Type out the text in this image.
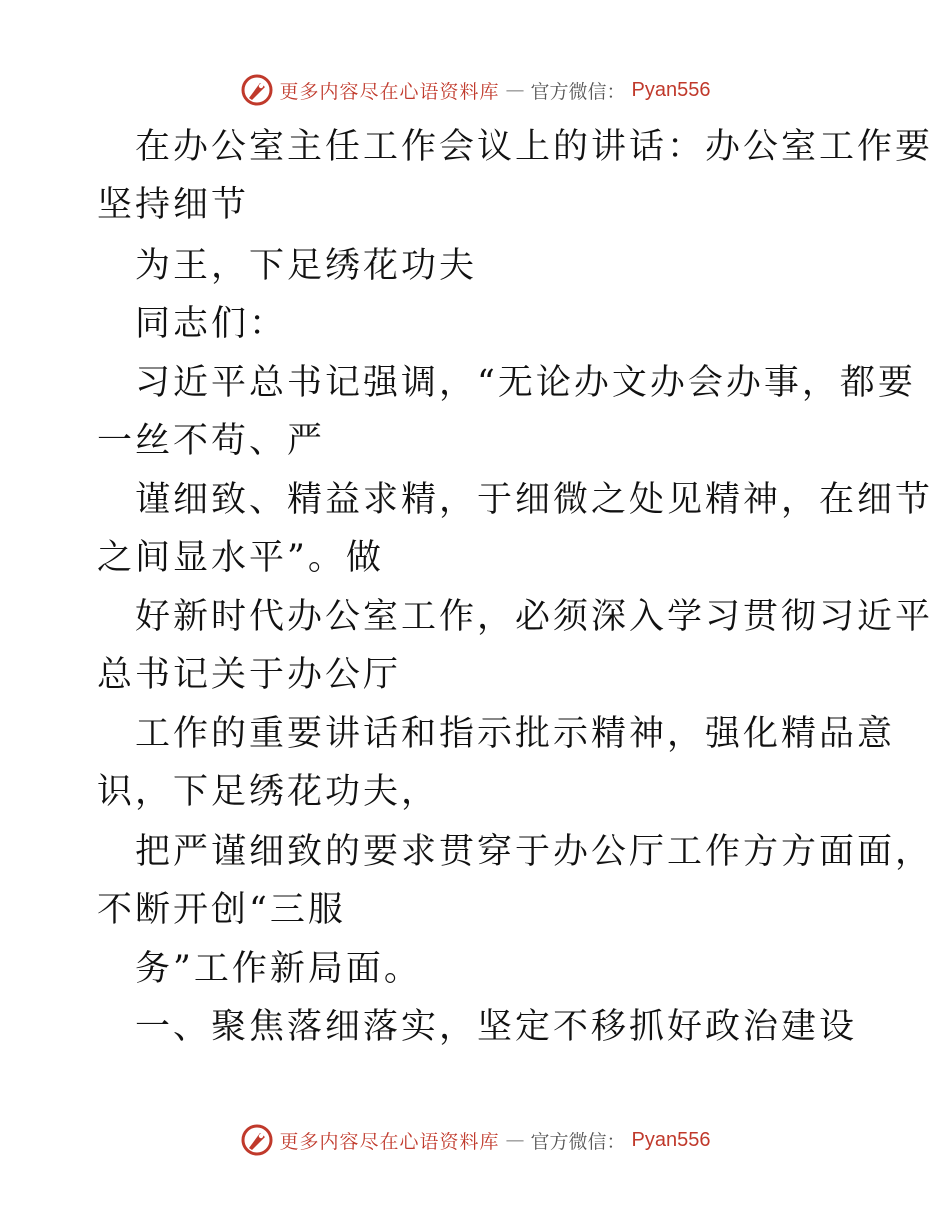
更多内容尽在心语资料库 — 官方微信： Pyan556
在办公室主任工作会议上的讲话：办公室工作要
坚持细节
为王，下足绣花功夫
同志们：
习近平总书记强调，“无论办文办会办事，都要
一丝不苟、严
谨细致、精益求精，于细微之处见精神，在细节
之间显水平”。做
好新时代办公室工作，必须深入学习贯彻习近平
总书记关于办公厅
工作的重要讲话和指示批示精神，强化精品意
识，下足绣花功夫，
把严谨细致的要求贯穿于办公厅工作方方面面，
不断开创“三服
务”工作新局面。
一、聚焦落细落实，坚定不移抓好政治建设
更多内容尽在心语资料库 — 官方微信： Pyan556
